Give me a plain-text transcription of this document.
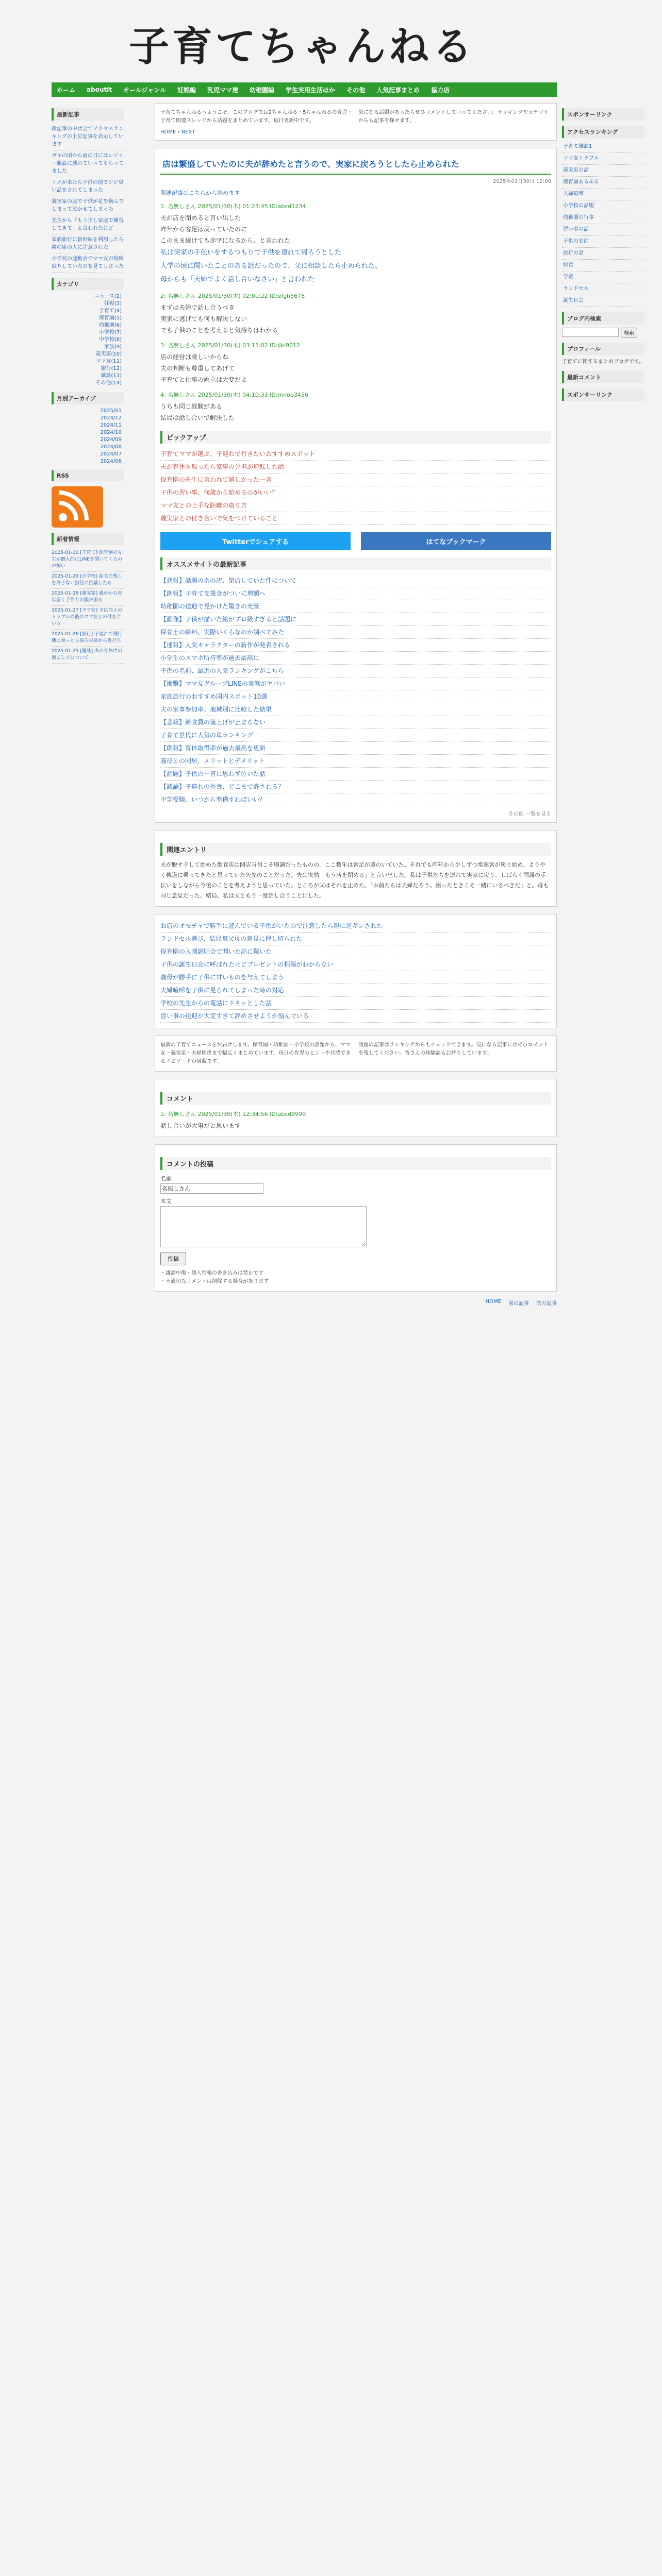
子育てちゃんねる
ホーム aboutit オールジャンル 妊娠編 乳児ママ達 幼稚園編 学生実用生活ほか その他 人気記事まとめ 協力店
最新記事
新記事の中は全てアクセスランキングの上位記事を表示しています
ガキの頃から雨の日にはレジャー施設に連れていってもらってました
トメが来たら子供の前でジジ臭い話をされてしまった
義実家の庭で子供が花を摘んでしまって泣かせてしまった
先生から「もう少し家庭で練習してきて」と言われたけど
家族旅行に新幹線を利用したら隣の席の人に注意された
小学校の運動会でママ友が場所取りしていたのを見てしまった
カテゴリ
ニュース(2)
妊娠(3)
子育て(4)
保育園(5)
幼稚園(6)
小学校(7)
中学校(8)
家族(9)
義実家(10)
ママ友(11)
旅行(12)
雑談(13)
その他(14)
月別アーカイブ
2025/01
2024/12
2024/11
2024/10
2024/09
2024/08
2024/07
2024/06
RSS
新着情報
2025-01-30 [子育て] 保育園の先生が個人的にLINEを聞いてくるのが怖い
2025-01-29 [小学校] 給食の残しを許さない担任に抗議したら
2025-01-28 [義実家] 義母から毎年届く手作りの服が困る
2025-01-27 [ママ友] 子供同士のトラブルの後のママ友との付き合い方
2025-01-26 [旅行] 子連れで飛行機に乗ったら後ろの席から舌打ち
2025-01-25 [雑談] 夫の育休中の過ごし方について
子育てちゃんねるへようこそ。このブログでは2ちゃんねる・5ちゃんねるの育児・子育て関連スレッドから話題をまとめています。毎日更新中です。
気になる話題があったらぜひコメントしていってください。ランキングやカテゴリからも記事を探せます。
HOME › NEXT
店は繁盛していたのに夫が辞めたと言うので、実家に戻ろうとしたら止められた
2025年01月30日 12:00
関連記事はこちらから読めます
1: 名無しさん 2025/01/30(木) 01:23:45 ID:abcd1234
夫が店を閉めると言い出した
昨年から客足は戻っていたのに
このまま続けても赤字になるから、と言われた
私は実家の手伝いをするつもりで子供を連れて帰ろうとした
大学の頃に聞いたことのある話だったので、父に相談したら止められた。
母からも「夫婦でよく話し合いなさい」と言われた
2: 名無しさん 2025/01/30(木) 02:01:22 ID:efgh5678
まずは夫婦で話し合うべき
実家に逃げても何も解決しない
でも子供のことを考えると気持ちはわかる
3: 名無しさん 2025/01/30(木) 03:15:02 ID:ijkl9012
店の経営は厳しいからね
夫の判断も尊重してあげて
子育てと仕事の両立は大変だよ
4: 名無しさん 2025/01/30(木) 04:10:33 ID:mnop3456
うちも同じ経験がある
結局は話し合いで解決した
ピックアップ
子育てママが選ぶ、子連れで行きたいおすすめスポット
夫が育休を取ったら家事の分担が逆転した話
保育園の先生に言われて嬉しかった一言
子供の習い事、何歳から始めるのがいい？
ママ友との上手な距離の取り方
義実家との付き合いで気をつけていること
Twitterでシェアする	はてなブックマーク
オススメサイトの最新記事
【悲報】話題のあの店、閉店していた件について
【朗報】子育て支援金がついに増額へ
幼稚園の送迎で見かけた驚きの光景
【画像】子供が描いた絵がプロ級すぎると話題に
保育士の給料、実際いくらなのか調べてみた
【速報】人気キャラクターの新作が発表される
小学生のスマホ所持率が過去最高に
子供の名前、最近の人気ランキングがこちら
【衝撃】ママ友グループLINEの実態がヤバい
家族旅行のおすすめ国内スポット10選
夫の家事参加率、地域別に比較した結果
【悲報】給食費の値上げが止まらない
子育て世代に人気の車ランキング
【朗報】育休取得率が過去最高を更新
義母との同居、メリットとデメリット
【話題】子供の一言に思わず泣いた話
【議論】子連れの外食、どこまで許される？
中学受験、いつから準備すればいい？
その他 一覧を見る
関連エントリ
夫が脱サラして始めた飲食店は開店当初こそ順調だったものの、ここ数年は客足が遠のいていた。それでも昨年から少しずつ常連客が戻り始め、ようやく軌道に乗ってきたと思っていた矢先のことだった。夫は突然「もう店を閉める」と言い出した。私は子供たちを連れて実家に戻り、しばらく両親の手伝いをしながら今後のことを考えようと思っていた。ところが父はそれを止めた。「お前たちは夫婦だろう。困ったときこそ一緒にいるべきだ」と。母も同じ意見だった。結局、私は夫ともう一度話し合うことにした。
お店のオモチャで勝手に遊んでいる子供がいたので注意したら親に逆ギレされた
ランドセル選び、結局祖父母の意見に押し切られた
保育園の入園説明会で聞いた話に驚いた
子供の誕生日会に呼ばれたけどプレゼントの相場がわからない
義母が勝手に子供に甘いものを与えてしまう
夫婦喧嘩を子供に見られてしまった時の対応
学校の先生からの電話にドキッとした話
習い事の送迎が大変すぎて辞めさせようか悩んでいる
最新の子育てニュースをお届けします。保育園・幼稚園・小学校の話題から、ママ友・義実家・夫婦関係まで幅広くまとめています。毎日の育児のヒントや共感できるエピソードが満載です。
話題の記事はランキングからもチェックできます。気になる記事にはぜひコメントを残してください。皆さんの体験談もお待ちしています。
コメント
1: 名無しさん 2025/01/30(木) 12:34:56 ID:abcd9999
話し合いが大事だと思います
コメントの投稿
名前
名無しさん
本文
投稿
・誹謗中傷・個人情報の書き込みは禁止です
・不適切なコメントは削除する場合があります
HOME 前の記事 次の記事
スポンサーリンク
アクセスランキング
子育て雑談1
ママ友トラブル
義実家の話
保育園あるある
夫婦喧嘩
小学校の話題
幼稚園の行事
習い事の話
子供の名前
旅行の話
給食
学童
ランドセル
誕生日会
ブログ内検索
検索
プロフィール
子育てに関するまとめブログです。
最新コメント
スポンサーリンク
